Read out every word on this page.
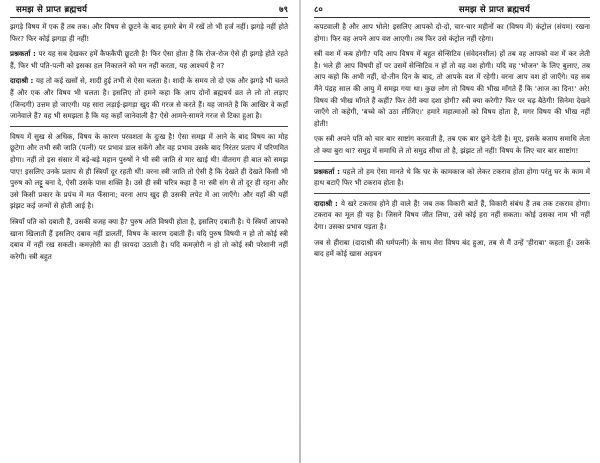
समझ से प्राप्त ब्रह्मचर्य	७९

झगड़े विषय में एक हैं तब तक। और विषय से छूटने के बाद हमारे बेग में रखें तो भी हर्ज नहीं। झगड़े नहीं होते फिर? फिर कोई झगड़ा ही नहीं!

प्रश्नकर्ता : पर यह सब देखकर हमें कैफकैपी छूटती है! फिर ऐसा होता है कि रोज-रोज ऐसे ही झगड़े होते रहते हैं, फिर भी पति-पत्नी को इसका हल निकालने को मन नहीं करता, यह आश्चर्य है न?

दादाश्री : यह तो कई खसों से, शादी हुई तभी से ऐसा चलता है। शादी के समय तो दो एक और झगड़े भी चलते हैं और एक और विषय भी चलता है। इसलिए तो हमने कहा कि आप दोनों ब्रह्मचर्य व्रत ले लो तो लड़ाए (जिन्दगी) उत्तम हो जाएगी। यह सारा लड़ाई-झगड़ा खुद की गरज से करते हैं। यह जानते है कि आखिर वे कहाँ जानेवाले हैं? वह भी समझता है कि यह कहाँ जानेवाली है? ऐसे आमने-सामने गरज से टिका हुआ है।

विषय में सुख से अधिक, विषय के कारण परवशता के दुःख है! ऐसा समझ में आने के बाद विषय का मोह छूटेगा और तभी स्त्री जाति (पत्नी) पर प्रभाव डाल सकेंगे और वह प्रभाव उसके बाद निरंतर प्रताप में परिणमित होगा। नहीं तो इस संसार में बड़े-बड़े महान पुरुषों ने भी स्त्री जाति से मार खाई थी! वीतराग ही बात को समझ पाए! इसलिए उनके प्रताप से ही स्त्रियाँ दूर रहती थीं! वरना स्त्री जाति तो ऐसी है कि देखते ही देखते किसी भी पुरुष को लट्टू बना दे, ऐसी उसके पास शक्ति है। उसे ही स्त्री चरित्र कहा है न! स्त्री संग से तो दूर ही रहना और उसे किसी प्रकार के प्रपंच में मत फँसाना; वरना आप खुद ही उसकी लपेट में आ जाएँगे। और यहाँ की यहीं झंझट कई जन्मों से होती आई है।

स्त्रियाँ पति को दबाती हैं, उसकी वजह क्या है? पुरुष अति विषयी होता है, इसलिए दबाती है। ये स्त्रियाँ आपको खाना खिलाती हैं इसलिए दबाव नहीं डालतीं, विषय के कारण दबाती हैं। यदि पुरुष विषयी न हो तो कोई स्त्री दबाव में नहीं रख सकती। कमज़ोरी का ही फ़ायदा उठाती है। यदि कमज़ोरी न हो तो कोई स्त्री परेशानी नहीं करेगी। स्त्री बहुत

८०	समझ से प्राप्त ब्रह्मचर्य

कपटवाली है और आप भोले! इसलिए आपको दो-दो, चार-चार महीनों का (विषय में) कंट्रोल (संयम) रखना होगा। फिर वह अपने आप वश आएगी। तब फिर उसे कंट्रोल नहीं रहेगा।

स्त्री वश में कब होगी? यदि आप विषय में बहुत सेन्सिटिव (संवेदनशील) हों तब वह आपको वश में कर लेती है। भले ही आप विषयी हों पर उसमें सेन्सिटिव न हों तो वह वश होगी। यदि वह 'भोजन' के लिए बुलाए, तब आप कहो कि अभी नहीं, दो-तीन दिन के बाद, तो आपके वश में रहेगी। वरना आप वश हो जाएँगे। यह सब मैंने पंद्रह साल की आयु में समझ गया था। कुछ लोग तो विषय की भीख माँगते हैं कि 'आज का दिन!' अरे! विषय की भीख माँगते हैं कहीं? फिर तेरी क्या दशा होगी? स्त्री क्या करेगी? फिर पर चढ़ बैठेगी! सिनेमा देखने जाएँगे तो कहेगी, 'बच्चे को उठा लीजिए।' हमारे महात्माओं को विषय होता है, मगर विषय की भीख नहीं होती!

एक स्त्री अपने पति को चार बार साष्टांग करवाती है, तब एक बार छूने देती है। मूए, इसके बजाय समाधि लेता तो क्या बुरा था? समुद्र में समाधि ले तो समुद्र सीधा तो है, झंझट तो नहीं! विषय के लिए चार बार साष्टांग!

प्रश्नकर्ता : पहले तो हम ऐसा मानते थे कि घर के कामकाज को लेकर टकराव होता होगा परंतु घर के काम में हाथ बटाएँ फिर भी टकराव होता है।

दादाश्री : ये खरे टकराव होने ही वाले हैं! जब तक विकारी बातें हैं, विकारी संबंध हैं तब तक टकराव होगा। टकराव का मूल ही यह है। जिसने विषय जीत लिया, उसे कोई हरा नहीं सकता। कोई उसका नाम भी नहीं देगा। उसका प्रभाव पड़ता है।

जब से हीराबा (दादाश्री की धर्मपत्नी) के साथ मेरा विषय बंद हुआ, तब से मैं उन्हें 'हीराबा' कहता हूँ। उसके बाद हमें कोई खास अड़चन
